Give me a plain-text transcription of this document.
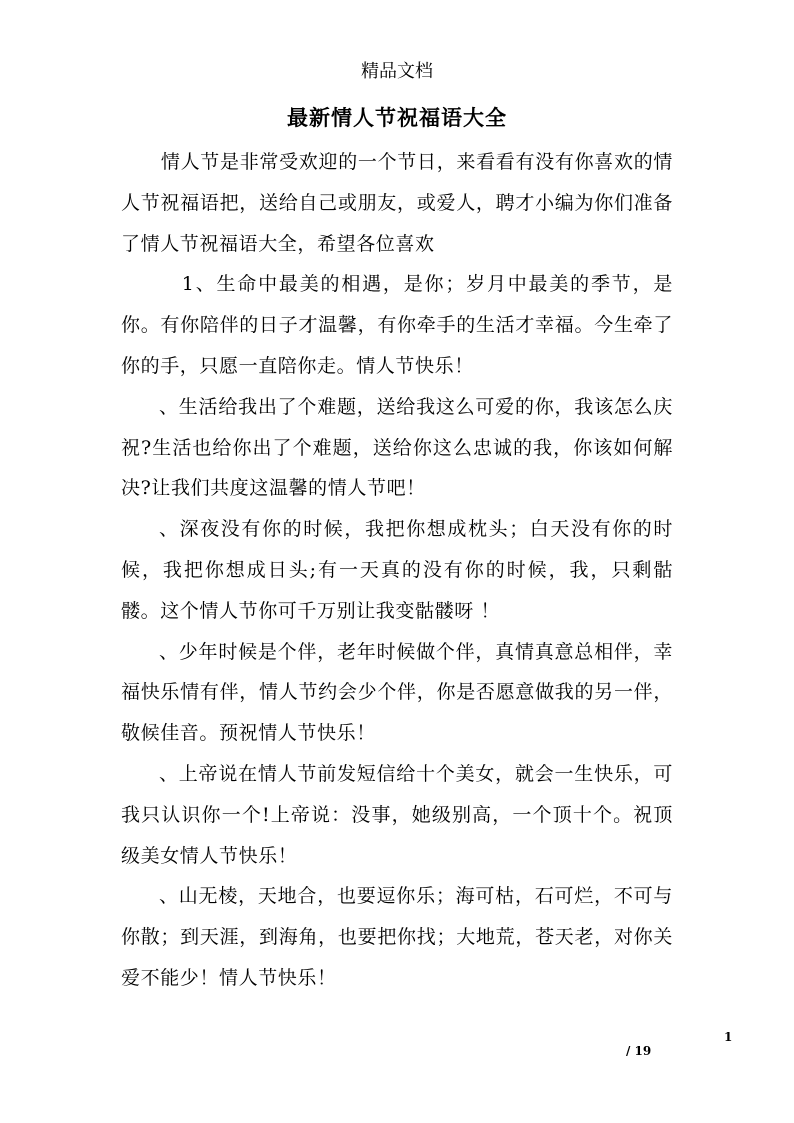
精品文档
最新情人节祝福语大全

情人节是非常受欢迎的一个节日，来看看有没有你喜欢的情人节祝福语把，送给自己或朋友，或爱人，聘才小编为你们准备了情人节祝福语大全，希望各位喜欢

1、生命中最美的相遇，是你；岁月中最美的季节，是你。有你陪伴的日子才温馨，有你牵手的生活才幸福。今生牵了你的手，只愿一直陪你走。情人节快乐！

、生活给我出了个难题，送给我这么可爱的你，我该怎么庆祝?生活也给你出了个难题，送给你这么忠诚的我，你该如何解决?让我们共度这温馨的情人节吧！

、深夜没有你的时候，我把你想成枕头；白天没有你的时候，我把你想成日头;有一天真的没有你的时候，我，只剩骷髅。这个情人节你可千万别让我变骷髅呀 ！

、少年时候是个伴，老年时候做个伴，真情真意总相伴，幸福快乐情有伴，情人节约会少个伴，你是否愿意做我的另一伴，敬候佳音。预祝情人节快乐！

、上帝说在情人节前发短信给十个美女，就会一生快乐，可我只认识你一个!上帝说：没事，她级别高，一个顶十个。祝顶级美女情人节快乐！

、山无棱，天地合，也要逗你乐；海可枯，石可烂，不可与你散；到天涯，到海角，也要把你找；大地荒，苍天老，对你关爱不能少！情人节快乐！

1
/ 19
